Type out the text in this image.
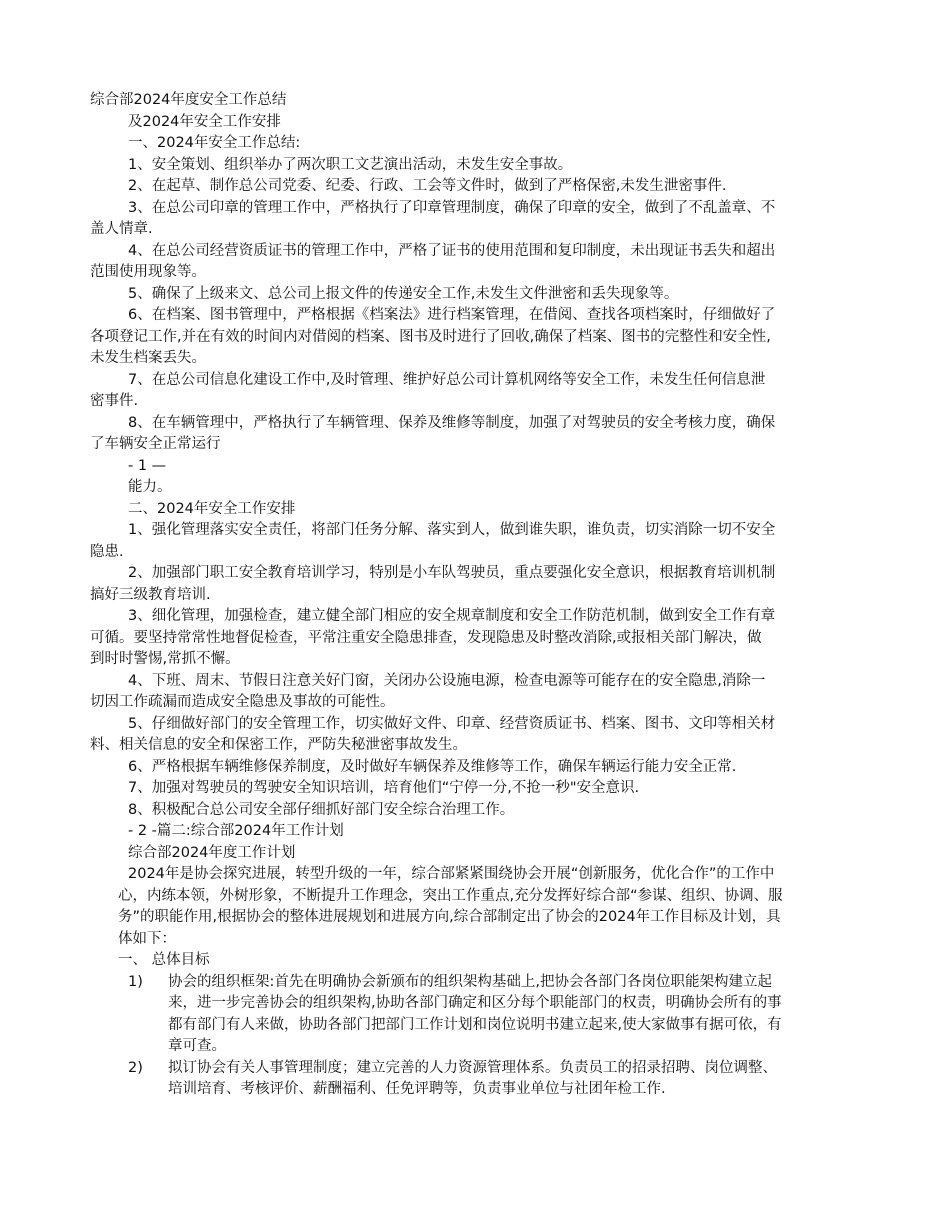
综合部2024年度安全工作总结
及2024年安全工作安排
一、2024年安全工作总结:
1、安全策划、组织举办了两次职工文艺演出活动，未发生安全事故。
2、在起草、制作总公司党委、纪委、行政、工会等文件时，做到了严格保密,未发生泄密事件.
3、在总公司印章的管理工作中，严格执行了印章管理制度，确保了印章的安全，做到了不乱盖章、不
盖人情章.
4、在总公司经营资质证书的管理工作中，严格了证书的使用范围和复印制度，未出现证书丢失和超出
范围使用现象等。
5、确保了上级来文、总公司上报文件的传递安全工作,未发生文件泄密和丢失现象等。
6、在档案、图书管理中，严格根据《档案法》进行档案管理，在借阅、查找各项档案时，仔细做好了
各项登记工作,并在有效的时间内对借阅的档案、图书及时进行了回收,确保了档案、图书的完整性和安全性,
未发生档案丢失。
7、在总公司信息化建设工作中,及时管理、维护好总公司计算机网络等安全工作，未发生任何信息泄
密事件.
8、在车辆管理中，严格执行了车辆管理、保养及维修等制度，加强了对驾驶员的安全考核力度，确保
了车辆安全正常运行
- 1 —
能力。
二、2024年安全工作安排
1、强化管理落实安全责任，将部门任务分解、落实到人，做到谁失职，谁负责，切实消除一切不安全
隐患.
2、加强部门职工安全教育培训学习，特别是小车队驾驶员，重点要强化安全意识，根据教育培训机制
搞好三级教育培训.
3、细化管理，加强检查，建立健全部门相应的安全规章制度和安全工作防范机制，做到安全工作有章
可循。要坚持常常性地督促检查，平常注重安全隐患排查，发现隐患及时整改消除,或报相关部门解决，做
到时时警惕,常抓不懈。
4、下班、周末、节假日注意关好门窗，关闭办公设施电源，检查电源等可能存在的安全隐患,消除一
切因工作疏漏而造成安全隐患及事故的可能性。
5、仔细做好部门的安全管理工作，切实做好文件、印章、经营资质证书、档案、图书、文印等相关材
料、相关信息的安全和保密工作，严防失秘泄密事故发生。
6、严格根据车辆维修保养制度，及时做好车辆保养及维修等工作，确保车辆运行能力安全正常.
7、加强对驾驶员的驾驶安全知识培训，培育他们“宁停一分,不抢一秒"安全意识.
8、积极配合总公司安全部仔细抓好部门安全综合治理工作。
- 2 -篇二:综合部2024年工作计划
综合部2024年度工作计划
2024年是协会探究进展，转型升级的一年，综合部紧紧围绕协会开展“创新服务，优化合作”的工作中
心，内练本领，外树形象，不断提升工作理念，突出工作重点,充分发挥好综合部“参谋、组织、协调、服
务”的职能作用,根据协会的整体进展规划和进展方向,综合部制定出了协会的2024年工作目标及计划，具
体如下：
一、 总体目标
1) 协会的组织框架:首先在明确协会新颁布的组织架构基础上,把协会各部门各岗位职能架构建立起
来，进一步完善协会的组织架构,协助各部门确定和区分每个职能部门的权责，明确协会所有的事
都有部门有人来做，协助各部门把部门工作计划和岗位说明书建立起来,使大家做事有据可依，有
章可查。
2) 拟订协会有关人事管理制度；建立完善的人力资源管理体系。负责员工的招录招聘、岗位调整、
培训培育、考核评价、薪酬福利、任免评聘等，负责事业单位与社团年检工作.
